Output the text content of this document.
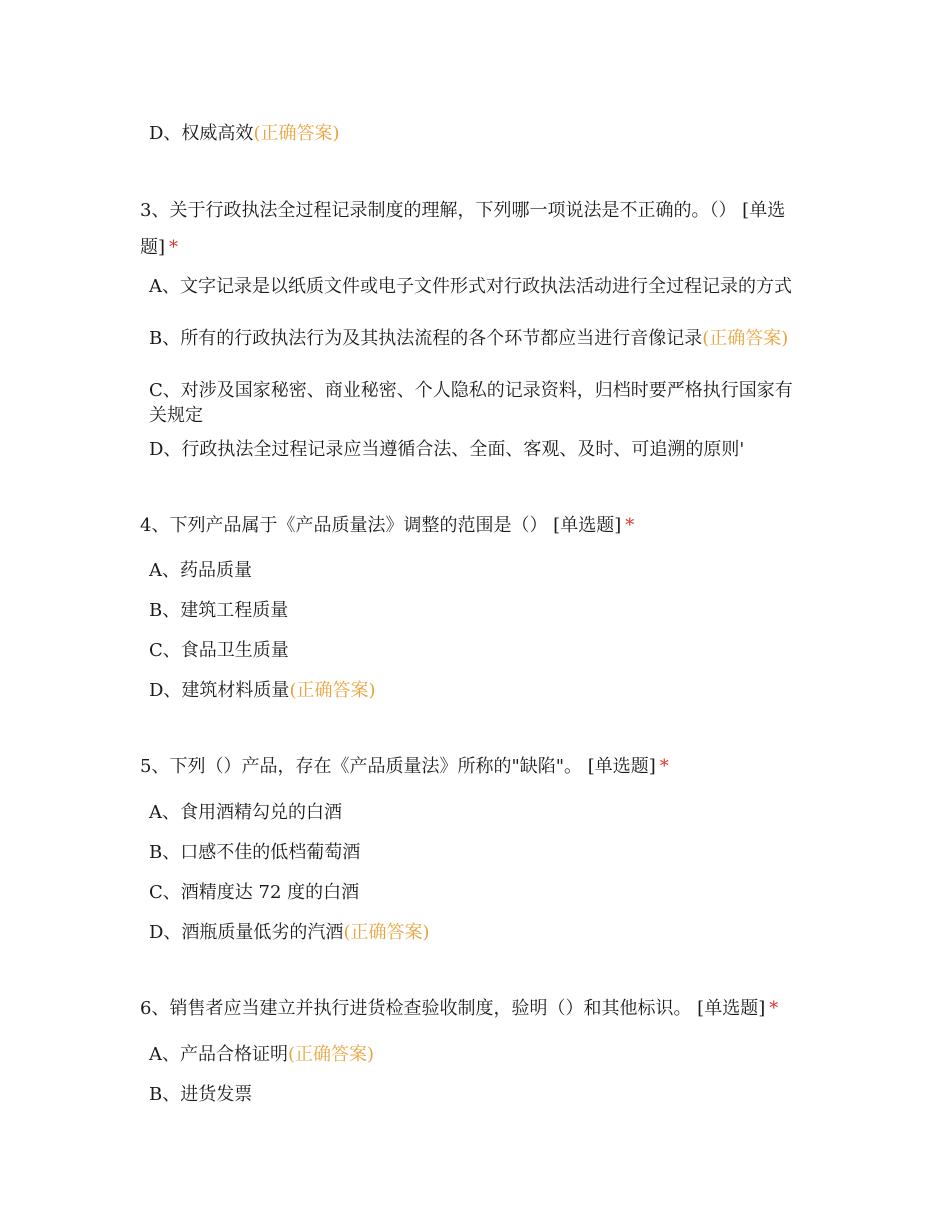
D、权威高效(正确答案)
3、关于行政执法全过程记录制度的理解，下列哪一项说法是不正确的。（） [单选题] *
A、文字记录是以纸质文件或电子文件形式对行政执法活动进行全过程记录的方式
B、所有的行政执法行为及其执法流程的各个环节都应当进行音像记录(正确答案)
C、对涉及国家秘密、商业秘密、个人隐私的记录资料，归档时要严格执行国家有关规定
D、行政执法全过程记录应当遵循合法、全面、客观、及时、可追溯的原则'
4、下列产品属于《产品质量法》调整的范围是（） [单选题] *
A、药品质量
B、建筑工程质量
C、食品卫生质量
D、建筑材料质量(正确答案)
5、下列（）产品，存在《产品质量法》所称的"缺陷"。 [单选题] *
A、食用酒精勾兑的白酒
B、口感不佳的低档葡萄酒
C、酒精度达 72 度的白酒
D、酒瓶质量低劣的汽酒(正确答案)
6、销售者应当建立并执行进货检查验收制度，验明（）和其他标识。 [单选题] *
A、产品合格证明(正确答案)
B、进货发票
